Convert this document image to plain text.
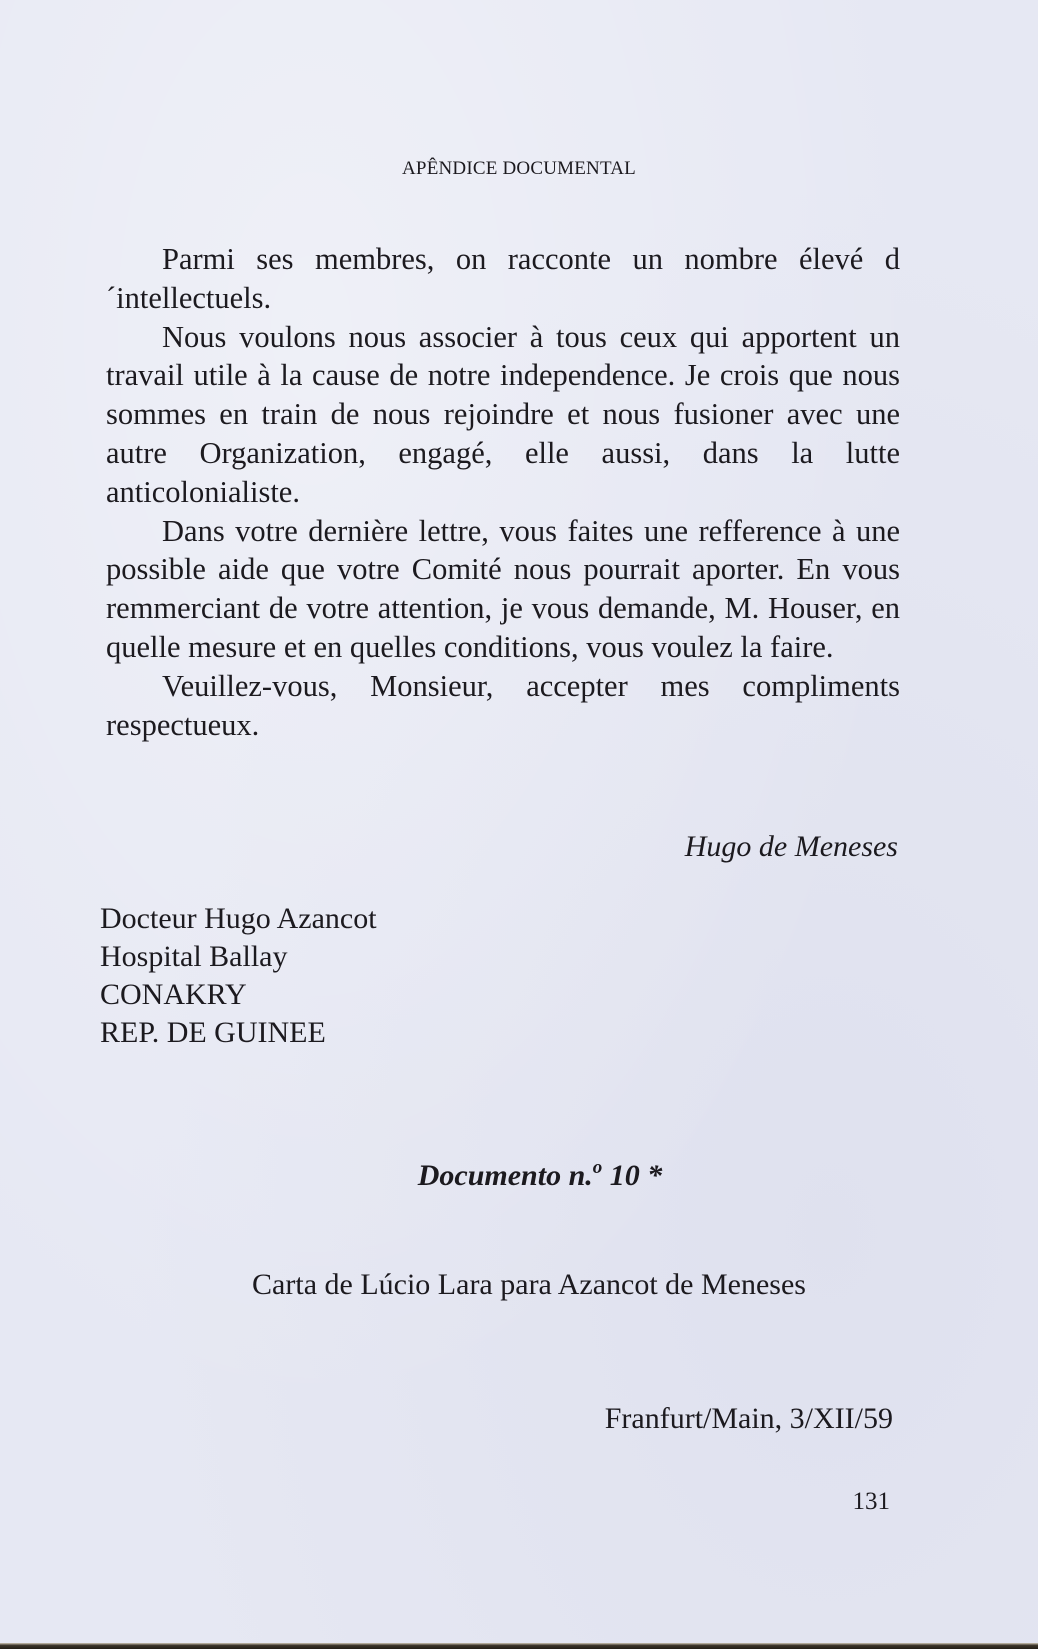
APÊNDICE DOCUMENTAL

Parmi ses membres, on racconte un nombre élevé d´intellectuels.

Nous voulons nous associer à tous ceux qui apportent un travail utile à la cause de notre independence. Je crois que nous sommes en train de nous rejoindre et nous fusioner avec une autre Organization, engagé, elle aussi, dans la lutte anticolonialiste.

Dans votre dernière lettre, vous faites une refference à une possible aide que votre Comité nous pourrait aporter. En vous remmerciant de votre attention, je vous demande, M. Houser, en quelle mesure et en quelles conditions, vous voulez la faire.

Veuillez-vous, Monsieur, accepter mes compliments respectueux.

Hugo de Meneses
Docteur Hugo Azancot
Hospital Ballay
CONAKRY
REP. DE GUINEE
Documento n.$^o$ 10 *
Carta de Lúcio Lara para Azancot de Meneses
Franfurt/Main, 3/XII/59
131
